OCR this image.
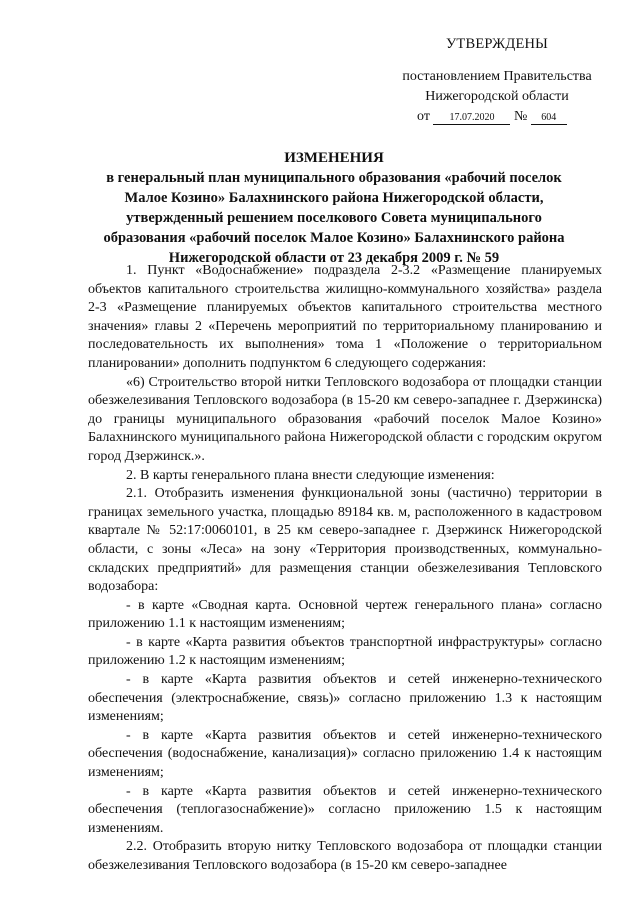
УТВЕРЖДЕНЫ
постановлением Правительства
Нижегородской области
от 17.07.2020 № 604
ИЗМЕНЕНИЯ
в генеральный план муниципального образования «рабочий поселок Малое Козино» Балахнинского района Нижегородской области, утвержденный решением поселкового Совета муниципального образования «рабочий поселок Малое Козино» Балахнинского района Нижегородской области от 23 декабря 2009 г. № 59

1. Пункт «Водоснабжение» подраздела 2-3.2 «Размещение планируемых объектов капитального строительства жилищно-коммунального хозяйства» раздела 2-3 «Размещение планируемых объектов капитального строительства местного значения» главы 2 «Перечень мероприятий по территориальному планированию и последовательность их выполнения» тома 1 «Положение о территориальном планировании» дополнить подпунктом 6 следующего содержания:

«6) Строительство второй нитки Тепловского водозабора от площадки станции обезжелезивания Тепловского водозабора (в 15-20 км северо-западнее г. Дзержинска) до границы муниципального образования «рабочий поселок Малое Козино» Балахнинского муниципального района Нижегородской области с городским округом город Дзержинск.».

2. В карты генерального плана внести следующие изменения:

2.1. Отобразить изменения функциональной зоны (частично) территории в границах земельного участка, площадью 89184 кв. м, расположенного в кадастровом квартале № 52:17:0060101, в 25 км северо-западнее г. Дзержинск Нижегородской области, с зоны «Леса» на зону «Территория производственных, коммунально-складских предприятий» для размещения станции обезжелезивания Тепловского водозабора:

- в карте «Сводная карта. Основной чертеж генерального плана» согласно приложению 1.1 к настоящим изменениям;

- в карте «Карта развития объектов транспортной инфраструктуры» согласно приложению 1.2 к настоящим изменениям;

- в карте «Карта развития объектов и сетей инженерно-технического обеспечения (электроснабжение, связь)» согласно приложению 1.3 к настоящим изменениям;

- в карте «Карта развития объектов и сетей инженерно-технического обеспечения (водоснабжение, канализация)» согласно приложению 1.4 к настоящим изменениям;

- в карте «Карта развития объектов и сетей инженерно-технического обеспечения (теплогазоснабжение)» согласно приложению 1.5 к настоящим изменениям.

2.2. Отобразить вторую нитку Тепловского водозабора от площадки станции обезжелезивания Тепловского водозабора (в 15-20 км северо-западнее
